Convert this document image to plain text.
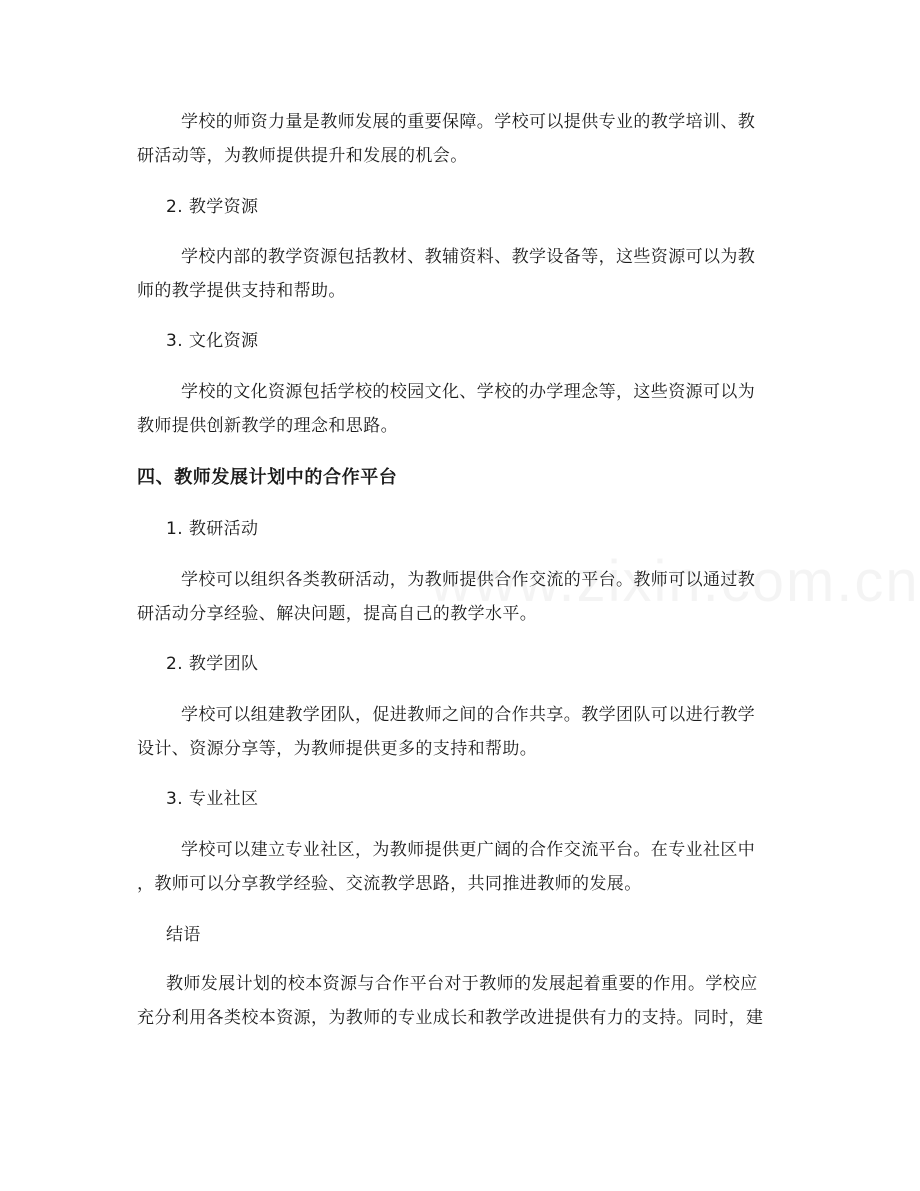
学校的师资力量是教师发展的重要保障。学校可以提供专业的教学培训、教

研活动等，为教师提供提升和发展的机会。

2. 教学资源

学校内部的教学资源包括教材、教辅资料、教学设备等，这些资源可以为教

师的教学提供支持和帮助。

3. 文化资源

学校的文化资源包括学校的校园文化、学校的办学理念等，这些资源可以为

教师提供创新教学的理念和思路。

四、教师发展计划中的合作平台

1. 教研活动

学校可以组织各类教研活动，为教师提供合作交流的平台。教师可以通过教

研活动分享经验、解决问题，提高自己的教学水平。

2. 教学团队

学校可以组建教学团队，促进教师之间的合作共享。教学团队可以进行教学

设计、资源分享等，为教师提供更多的支持和帮助。

3. 专业社区

学校可以建立专业社区，为教师提供更广阔的合作交流平台。在专业社区中

，教师可以分享教学经验、交流教学思路，共同推进教师的发展。

结语

教师发展计划的校本资源与合作平台对于教师的发展起着重要的作用。学校应

充分利用各类校本资源，为教师的专业成长和教学改进提供有力的支持。同时，建
